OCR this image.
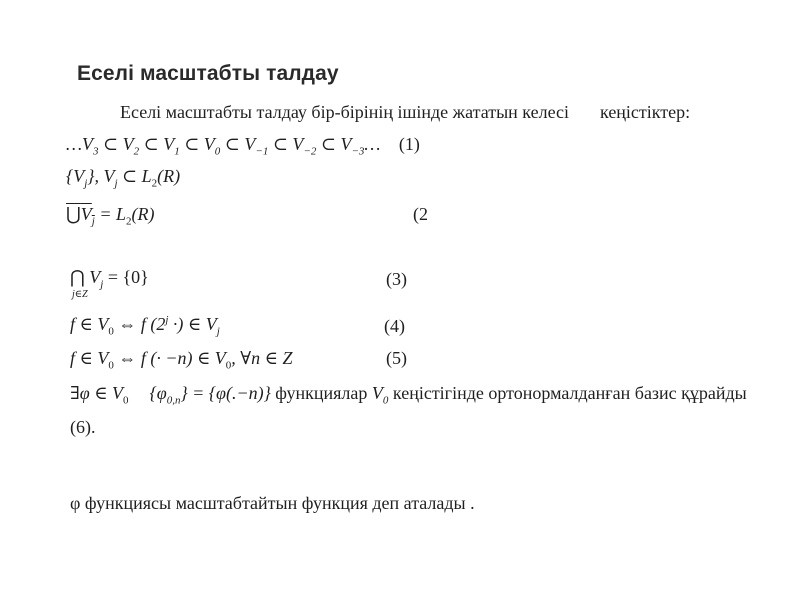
Еселі масштабты талдау
Еселі масштабты талдау бір-бірінің ішінде жататын келесі кеңістіктер:
$\dots V_3$ ⊂ $V_2$ ⊂ $V_1$ ⊂ $V_0$ ⊂ $V_{-1}$ ⊂ $V_{-2}$ ⊂ $V_{-3}\dots$ (1)
$\{V_j\}$, $V_j$ ⊂ $L_2(R)$
$⋃V_j = L_2(R)$	(2
⋂
j∈Z
$V_j = \{0\}$	(3)
f ∈ $V_0$ ⇔ f ($2^j$ ·) ∈ $V_j$	(4)
f ∈ $V_0$ ⇔ f (· −n) ∈ $V_0$, ∀n ∈ Z	(5)
∃φ ∈ $V_0$ $\{\varphi_{0,n}\} = \{\varphi(.-n)\}$ функциялар $V_0$ кеңістігінде ортонормалданған базис құрайды
(6).
φ функциясы масштабтайтын функция деп аталады .
